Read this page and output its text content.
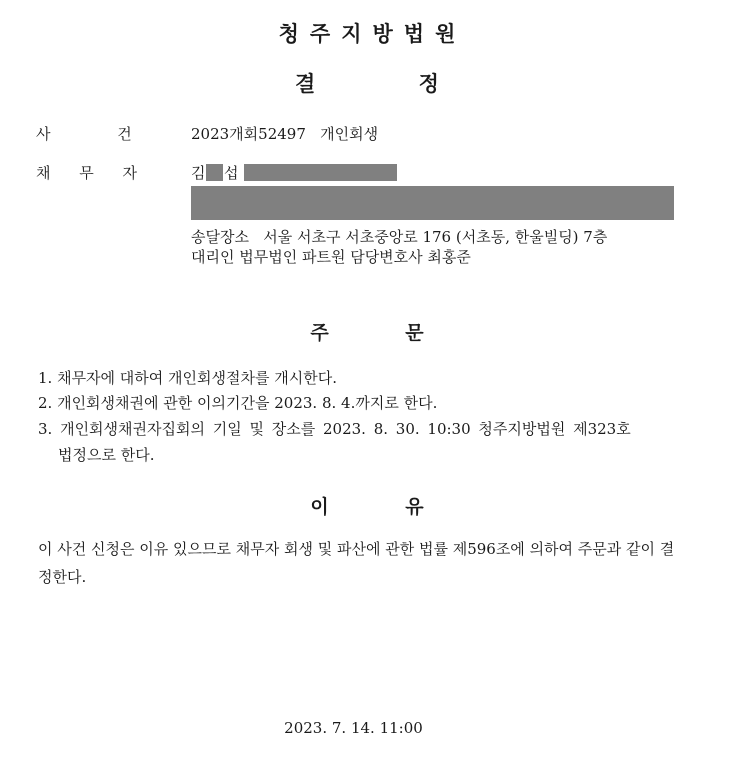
청주지방법원
결 정
사 건	2023개회52497   개인회생
채 무 자	김 섭
송달장소   서울 서초구 서초중앙로 176 (서초동, 한울빌딩) 7층
대리인 법무법인 파트원 담당변호사 최홍준
주 문
1. 채무자에 대하여 개인회생절차를 개시한다.
2. 개인회생채권에 관한 이의기간을 2023. 8. 4.까지로 한다.
3. 개인회생채권자집회의 기일 및 장소를 2023. 8. 30. 10:30 청주지방법원 제323호
법정으로 한다.
이 유
이 사건 신청은 이유 있으므로 채무자 회생 및 파산에 관한 법률 제596조에 의하여 주문과 같이 결정한다.
2023. 7. 14. 11:00
